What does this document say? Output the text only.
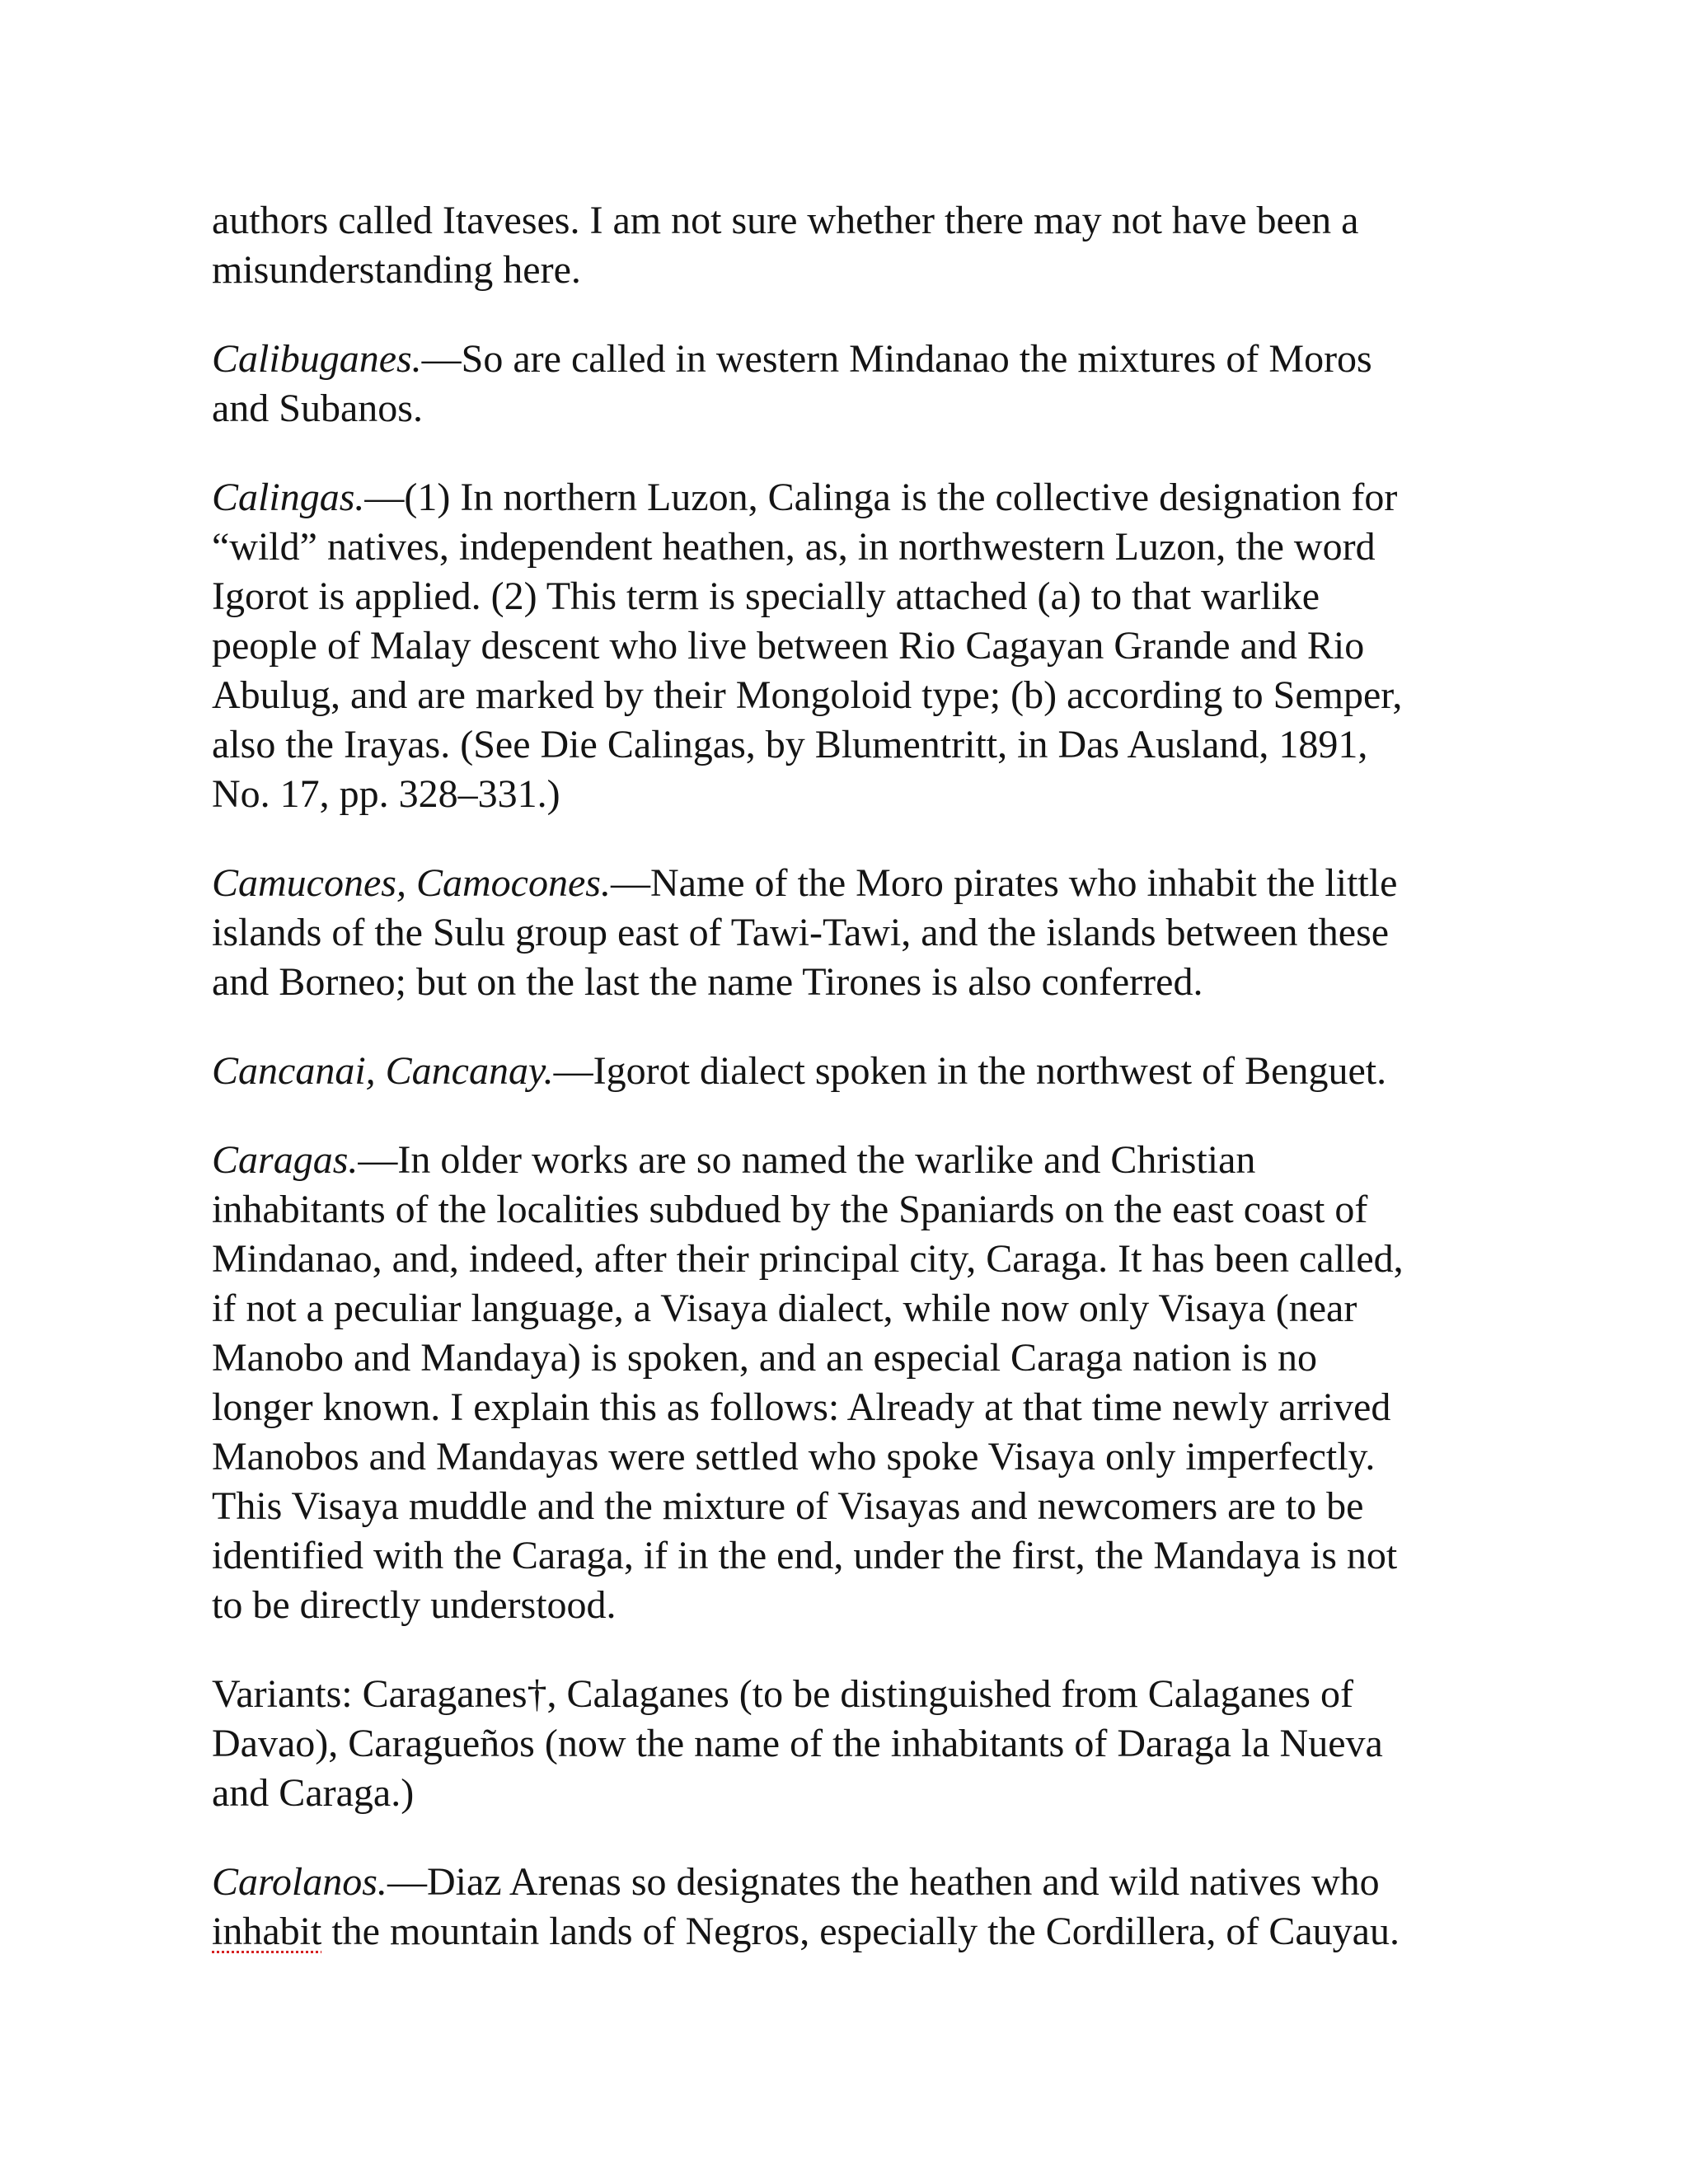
authors called Itaveses. I am not sure whether there may not have been a
misunderstanding here.

Calibuganes.—So are called in western Mindanao the mixtures of Moros
and Subanos.

Calingas.—(1) In northern Luzon, Calinga is the collective designation for
“wild” natives, independent heathen, as, in northwestern Luzon, the word
Igorot is applied. (2) This term is specially attached (a) to that warlike
people of Malay descent who live between Rio Cagayan Grande and Rio
Abulug, and are marked by their Mongoloid type; (b) according to Semper,
also the Irayas. (See Die Calingas, by Blumentritt, in Das Ausland, 1891,
No. 17, pp. 328–331.)

Camucones, Camocones.—Name of the Moro pirates who inhabit the little
islands of the Sulu group east of Tawi-Tawi, and the islands between these
and Borneo; but on the last the name Tirones is also conferred.

Cancanai, Cancanay.—Igorot dialect spoken in the northwest of Benguet.

Caragas.—In older works are so named the warlike and Christian
inhabitants of the localities subdued by the Spaniards on the east coast of
Mindanao, and, indeed, after their principal city, Caraga. It has been called,
if not a peculiar language, a Visaya dialect, while now only Visaya (near
Manobo and Mandaya) is spoken, and an especial Caraga nation is no
longer known. I explain this as follows: Already at that time newly arrived
Manobos and Mandayas were settled who spoke Visaya only imperfectly.
This Visaya muddle and the mixture of Visayas and newcomers are to be
identified with the Caraga, if in the end, under the first, the Mandaya is not
to be directly understood.

Variants: Caraganes†, Calaganes (to be distinguished from Calaganes of
Davao), Caragueños (now the name of the inhabitants of Daraga la Nueva
and Caraga.)

Carolanos.—Diaz Arenas so designates the heathen and wild natives who
inhabit the mountain lands of Negros, especially the Cordillera, of Cauyau.
